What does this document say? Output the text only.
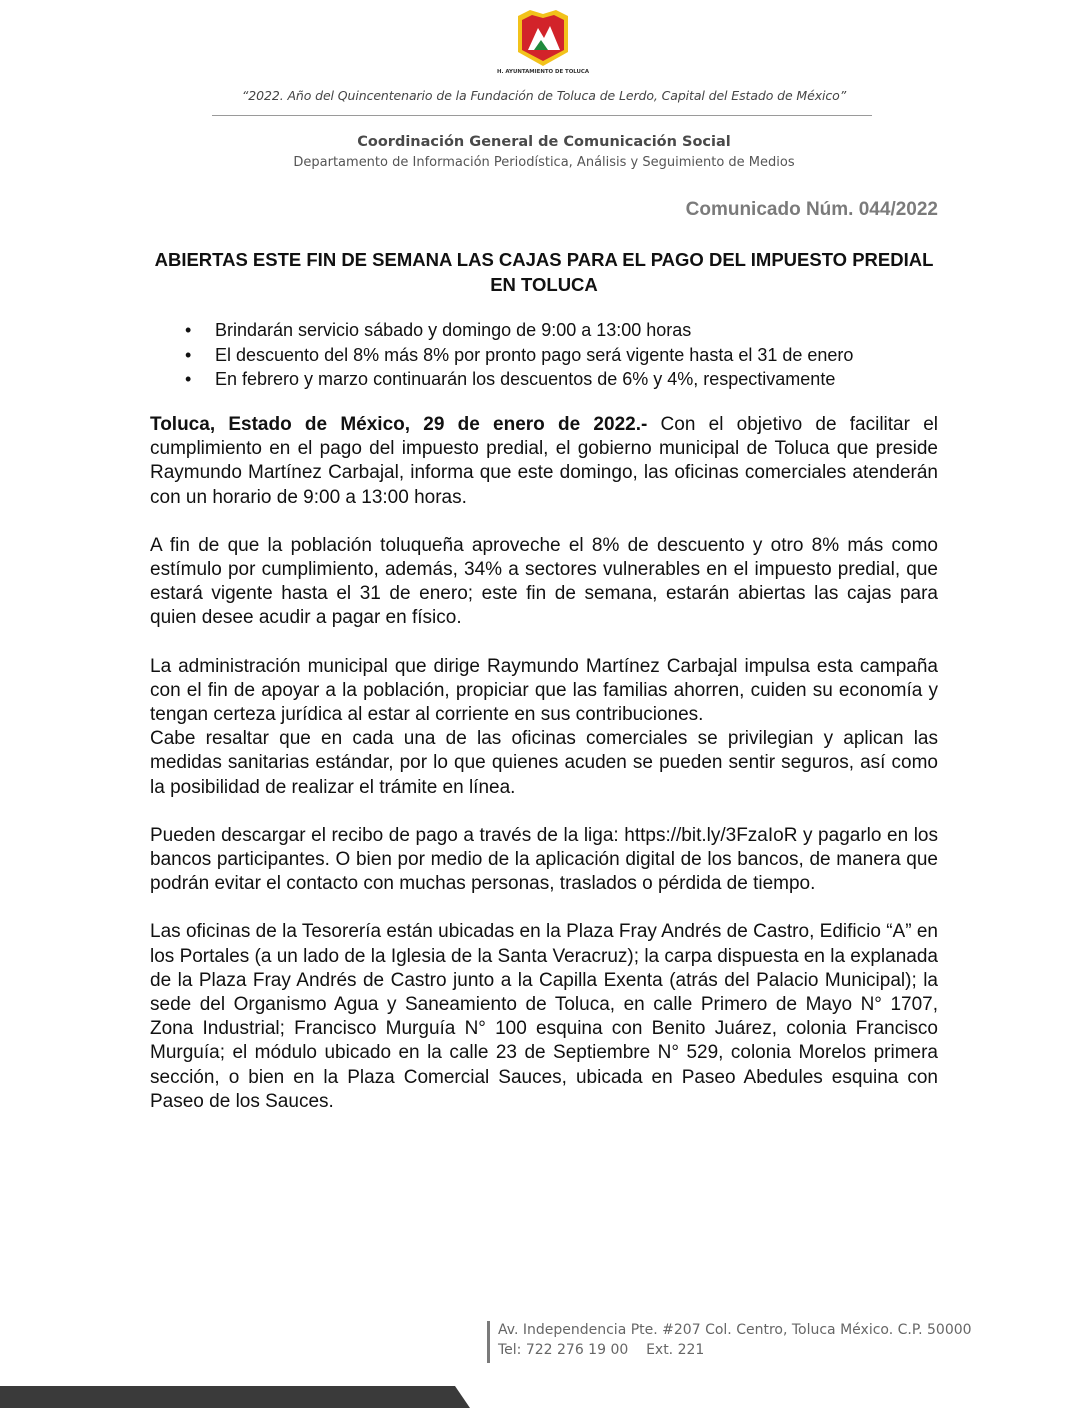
H. AYUNTAMIENTO DE TOLUCA
“2022. Año del Quincentenario de la Fundación de Toluca de Lerdo, Capital del Estado de México”
Coordinación General de Comunicación Social
Departamento de Información Periodística, Análisis y Seguimiento de Medios
Comunicado Núm. 044/2022
ABIERTAS ESTE FIN DE SEMANA LAS CAJAS PARA EL PAGO DEL IMPUESTO PREDIAL EN TOLUCA
• Brindarán servicio sábado y domingo de 9:00 a 13:00 horas
• El descuento del 8% más 8% por pronto pago será vigente hasta el 31 de enero
• En febrero y marzo continuarán los descuentos de 6% y 4%, respectivamente

Toluca, Estado de México, 29 de enero de 2022.- Con el objetivo de facilitar el cumplimiento en el pago del impuesto predial, el gobierno municipal de Toluca que preside Raymundo Martínez Carbajal, informa que este domingo, las oficinas comerciales atenderán con un horario de 9:00 a 13:00 horas.

A fin de que la población toluqueña aproveche el 8% de descuento y otro 8% más como estímulo por cumplimiento, además, 34% a sectores vulnerables en el impuesto predial, que estará vigente hasta el 31 de enero; este fin de semana, estarán abiertas las cajas para quien desee acudir a pagar en físico.

La administración municipal que dirige Raymundo Martínez Carbajal impulsa esta campaña con el fin de apoyar a la población, propiciar que las familias ahorren, cuiden su economía y tengan certeza jurídica al estar al corriente en sus contribuciones.

Cabe resaltar que en cada una de las oficinas comerciales se privilegian y aplican las medidas sanitarias estándar, por lo que quienes acuden se pueden sentir seguros, así como la posibilidad de realizar el trámite en línea.

Pueden descargar el recibo de pago a través de la liga: https://bit.ly/3FzaIoR y pagarlo en los bancos participantes. O bien por medio de la aplicación digital de los bancos, de manera que podrán evitar el contacto con muchas personas, traslados o pérdida de tiempo.

Las oficinas de la Tesorería están ubicadas en la Plaza Fray Andrés de Castro, Edificio “A” en los Portales (a un lado de la Iglesia de la Santa Veracruz); la carpa dispuesta en la explanada de la Plaza Fray Andrés de Castro junto a la Capilla Exenta (atrás del Palacio Municipal); la sede del Organismo Agua y Saneamiento de Toluca, en calle Primero de Mayo N° 1707, Zona Industrial; Francisco Murguía N° 100 esquina con Benito Juárez, colonia Francisco Murguía; el módulo ubicado en la calle 23 de Septiembre N° 529, colonia Morelos primera sección, o bien en la Plaza Comercial Sauces, ubicada en Paseo Abedules esquina con Paseo de los Sauces.

Av. Independencia Pte. #207 Col. Centro, Toluca México. C.P. 50000
Tel: 722 276 19 00    Ext. 221
